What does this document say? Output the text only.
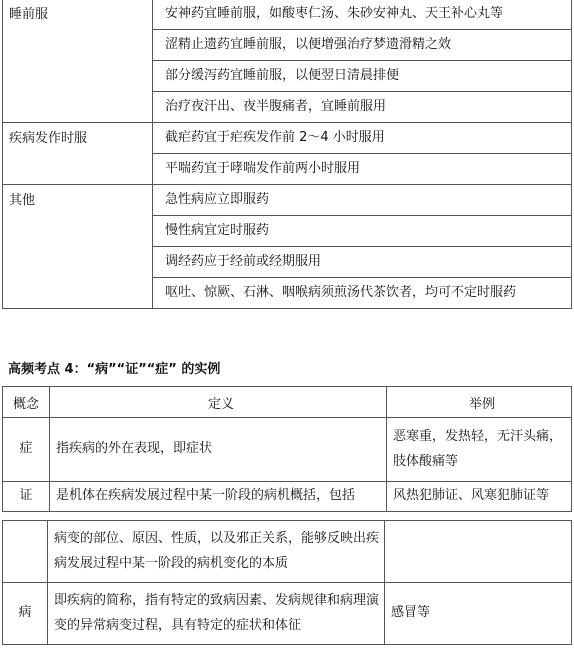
睡前服	安神药宜睡前服，如酸枣仁汤、朱砂安神丸、天王补心丸等
	涩精止遗药宜睡前服，以便增强治疗梦遗滑精之效
	部分缓泻药宜睡前服，以便翌日清晨排便
	治疗夜汗出、夜半腹痛者，宜睡前服用
疾病发作时服	截疟药宜于疟疾发作前 2～4 小时服用
	平喘药宜于哮喘发作前两小时服用
其他	急性病应立即服药
	慢性病宜定时服药
	调经药应于经前或经期服用
	呕吐、惊厥、石淋、咽喉病须煎汤代茶饮者，均可不定时服药
高频考点 4：“病”“证”“症” 的实例
概念	定义	举例
症	指疾病的外在表现，即症状	恶寒重，发热轻，无汗头痛，肢体酸痛等
证	是机体在疾病发展过程中某一阶段的病机概括，包括	风热犯肺证、风寒犯肺证等
	病变的部位、原因、性质，以及邪正关系，能够反映出疾病发展过程中某一阶段的病机变化的本质	
病	即疾病的简称，指有特定的致病因素、发病规律和病理演变的异常病变过程，具有特定的症状和体征	感冒等
